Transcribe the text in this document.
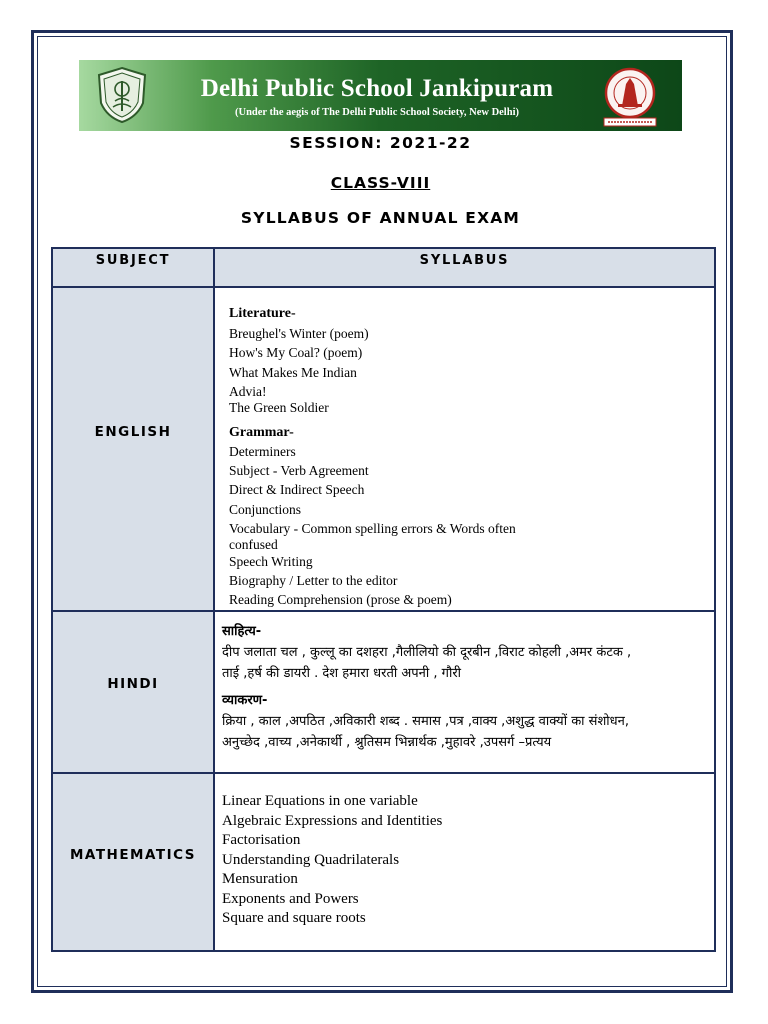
Delhi Public School Jankipuram
(Under the aegis of The Delhi Public School Society, New Delhi)
SESSION: 2021-22
CLASS-VIII
SYLLABUS OF ANNUAL EXAM
SUBJECT	SYLLABUS
ENGLISH
Literature-
Breughel's Winter (poem)
How's My Coal? (poem)
What Makes Me Indian
Advia!
The Green Soldier
Grammar-
Determiners
Subject - Verb Agreement
Direct & Indirect Speech
Conjunctions
Vocabulary - Common spelling errors & Words often
confused
Speech Writing
Biography / Letter to the editor
Reading Comprehension (prose & poem)
HINDI
साहित्य-
दीप जलाता चल , कुल्लू का दशहरा ,गैलीलियो की दूरबीन ,विराट कोहली ,अमर कंटक ,
ताई ,हर्ष की डायरी . देश हमारा धरती अपनी , गौरी
व्याकरण-
क्रिया , काल ,अपठित ,अविकारी शब्द . समास ,पत्र ,वाक्य ,अशुद्ध वाक्यों का संशोधन,
अनुच्छेद ,वाच्य ,अनेकार्थी , श्रुतिसम भिन्नार्थक ,मुहावरे ,उपसर्ग –प्रत्यय
MATHEMATICS
Linear Equations in one variable
Algebraic Expressions and Identities
Factorisation
Understanding Quadrilaterals
Mensuration
Exponents and Powers
Square and square roots
